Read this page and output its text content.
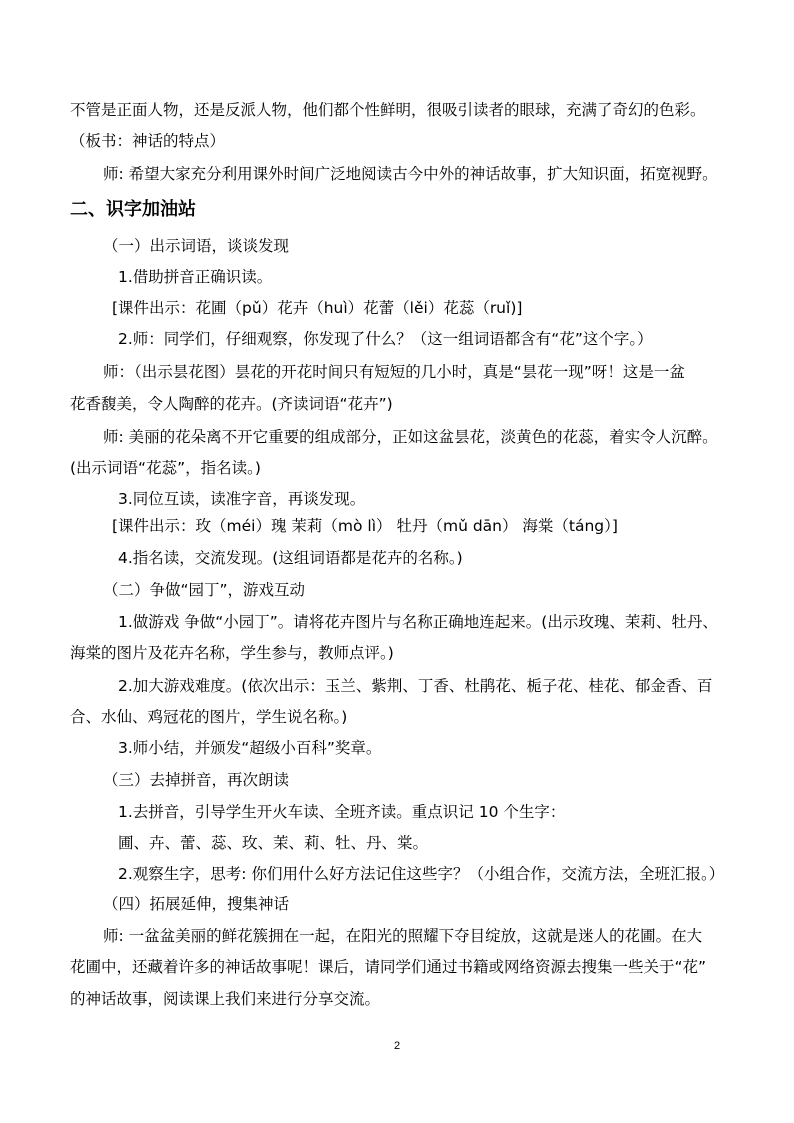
不管是正面人物，还是反派人物，他们都个性鲜明，很吸引读者的眼球，充满了奇幻的色彩。
（板书：神话的特点）
师: 希望大家充分利用课外时间广泛地阅读古今中外的神话故事，扩大知识面，拓宽视野。
二、识字加油站
（一）出示词语，谈谈发现
1.借助拼音正确识读。
[课件出示：花圃（pǔ）花卉（huì）花蕾（lěi）花蕊（ruǐ)]
2.师：同学们，仔细观察，你发现了什么？（这一组词语都含有“花”这个字。）
师：（出示昙花图）昙花的开花时间只有短短的几小时，真是“昙花一现”呀！这是一盆
花香馥美，令人陶醉的花卉。(齐读词语“花卉”)
师: 美丽的花朵离不开它重要的组成部分，正如这盆昙花，淡黄色的花蕊，着实令人沉醉。
(出示词语“花蕊”，指名读。)
3.同位互读，读准字音，再谈发现。
[课件出示：玫（méi）瑰 茉莉（mò lì） 牡丹（mǔ dān） 海棠（táng）]
4.指名读，交流发现。(这组词语都是花卉的名称。)
（二）争做“园丁”，游戏互动
1.做游戏 争做“小园丁”。请将花卉图片与名称正确地连起来。(出示玫瑰、茉莉、牡丹、
海棠的图片及花卉名称，学生参与，教师点评。)
2.加大游戏难度。(依次出示：玉兰、紫荆、丁香、杜鹃花、栀子花、桂花、郁金香、百
合、水仙、鸡冠花的图片，学生说名称。)
3.师小结，并颁发“超级小百科”奖章。
（三）去掉拼音，再次朗读
1.去拼音，引导学生开火车读、全班齐读。重点识记 10 个生字：
圃、卉、蕾、蕊、玫、茉、莉、牡、丹、棠。
2.观察生字，思考: 你们用什么好方法记住这些字？（小组合作，交流方法，全班汇报。）
（四）拓展延伸，搜集神话
师: 一盆盆美丽的鲜花簇拥在一起，在阳光的照耀下夺目绽放，这就是迷人的花圃。在大
花圃中，还藏着许多的神话故事呢！课后，请同学们通过书籍或网络资源去搜集一些关于“花”
的神话故事，阅读课上我们来进行分享交流。
2
